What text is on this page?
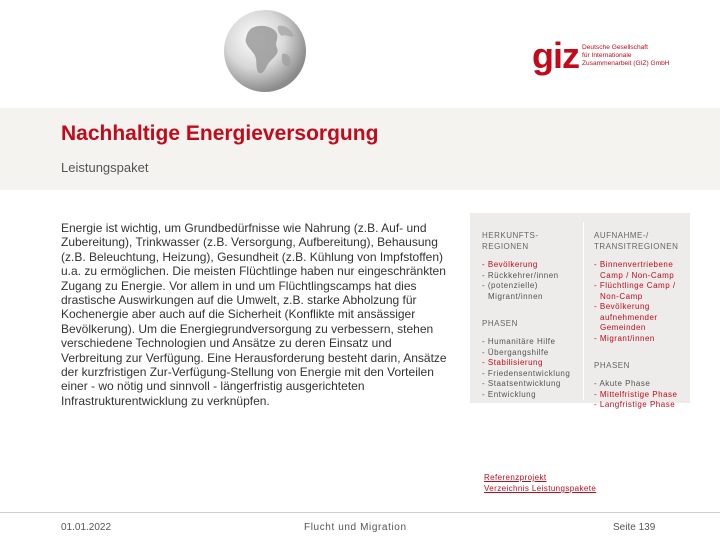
giz Deutsche Gesellschaft
für Internationale
Zusammenarbeit (GIZ) GmbH
Nachhaltige Energieversorgung
Leistungspaket
Energie ist wichtig, um Grundbedürfnisse wie Nahrung (z.B. Auf- und Zubereitung), Trinkwasser (z.B. Versorgung, Aufbereitung), Behausung (z.B. Beleuchtung, Heizung), Gesundheit (z.B. Kühlung von Impfstoffen) u.a. zu ermöglichen. Die meisten Flüchtlinge haben nur eingeschränkten Zugang zu Energie. Vor allem in und um Flüchtlingscamps hat dies drastische Auswirkungen auf die Umwelt, z.B. starke Abholzung für Kochenergie aber auch auf die Sicherheit (Konflikte mit ansässiger Bevölkerung). Um die Energiegrundversorgung zu verbessern, stehen verschiedene Technologien und Ansätze zu deren Einsatz und Verbreitung zur Verfügung. Eine Herausforderung besteht darin, Ansätze der kurzfristigen Zur-Verfügung-Stellung von Energie mit den Vorteilen einer - wo nötig und sinnvoll - längerfristig ausgerichteten Infrastrukturentwicklung zu verknüpfen.
HERKUNFTS-
REGIONEN
- Bevölkerung
- Rückkehrer/innen
- (potenzielle) Migrant/innen
PHASEN
- Humanitäre Hilfe
- Übergangshilfe
- Stabilisierung
- Friedensentwicklung
- Staatsentwicklung
- Entwicklung
AUFNAHME-/
TRANSITREGIONEN
- Binnenvertriebene Camp / Non-Camp
- Flüchtlinge Camp / Non-Camp
- Bevölkerung aufnehmender Gemeinden
- Migrant/innen
PHASEN
- Akute Phase
- Mittelfristige Phase
- Langfristige Phase
Referenzprojekt
Verzeichnis Leistungspakete
01.01.2022	Flucht und Migration	Seite 139
